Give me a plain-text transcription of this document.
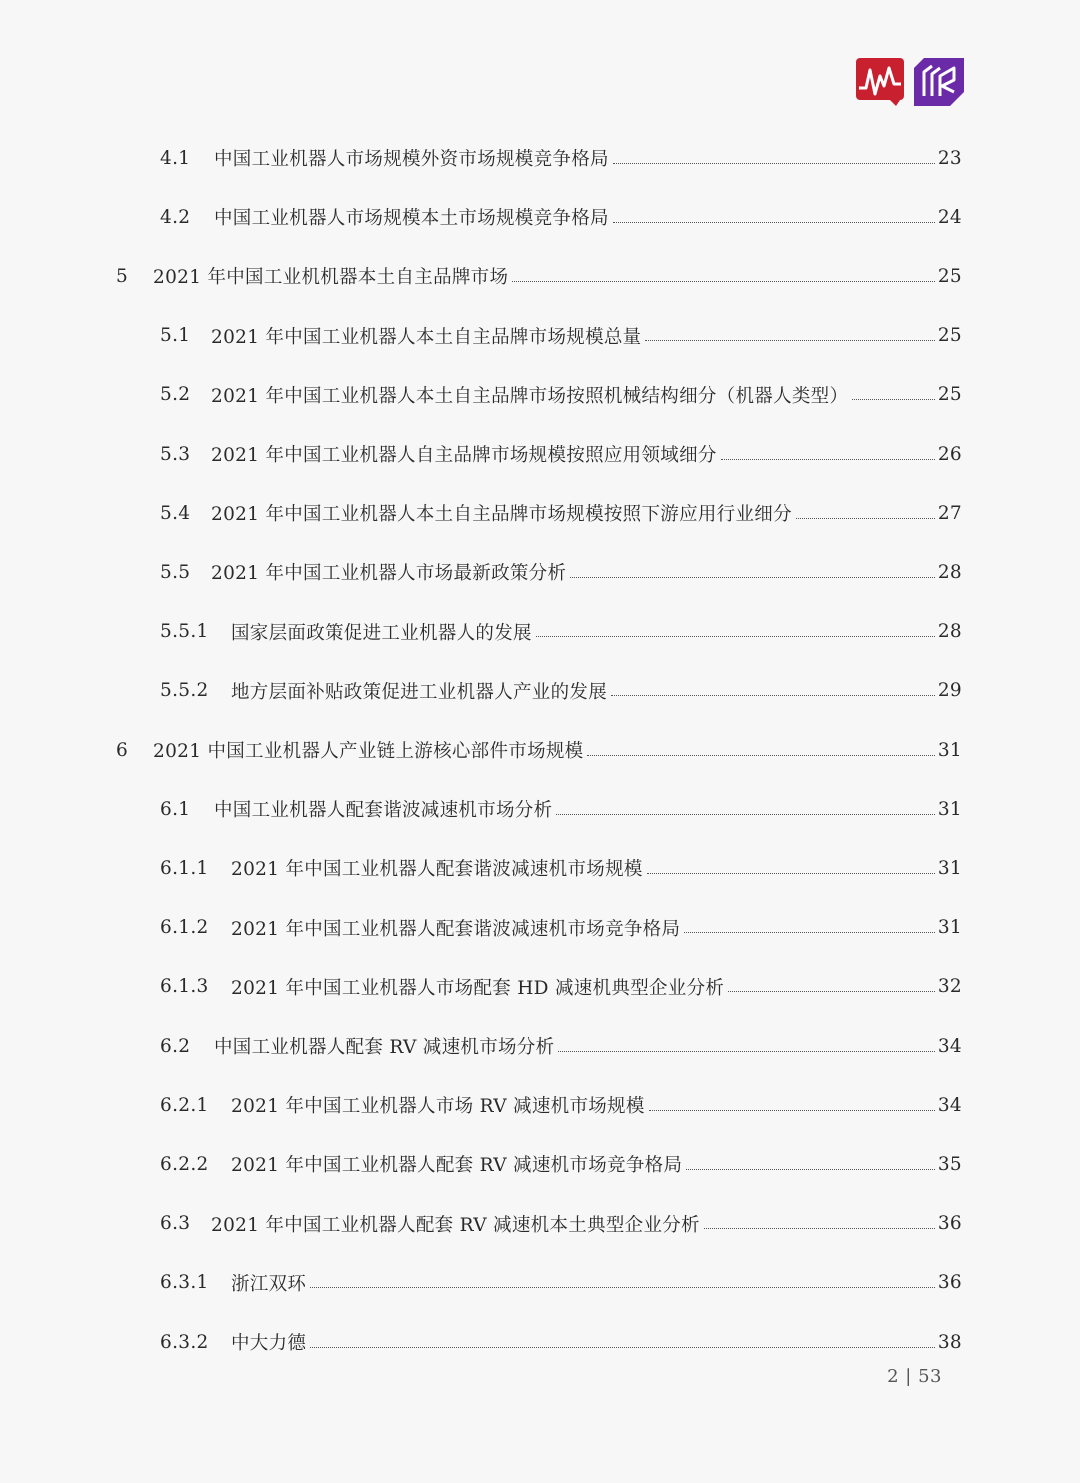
4.1 中国工业机器人市场规模外资市场规模竞争格局	23
4.2 中国工业机器人市场规模本土市场规模竞争格局	24
5 2021 年中国工业机机器本土自主品牌市场	25
5.1 2021 年中国工业机器人本土自主品牌市场规模总量	25
5.2 2021 年中国工业机器人本土自主品牌市场按照机械结构细分（机器人类型）	25
5.3 2021 年中国工业机器人自主品牌市场规模按照应用领域细分	26
5.4 2021 年中国工业机器人本土自主品牌市场规模按照下游应用行业细分	27
5.5 2021 年中国工业机器人市场最新政策分析	28
5.5.1 国家层面政策促进工业机器人的发展	28
5.5.2 地方层面补贴政策促进工业机器人产业的发展	29
6 2021 中国工业机器人产业链上游核心部件市场规模	31
6.1 中国工业机器人配套谐波减速机市场分析	31
6.1.1 2021 年中国工业机器人配套谐波减速机市场规模	31
6.1.2 2021 年中国工业机器人配套谐波减速机市场竞争格局	31
6.1.3 2021 年中国工业机器人市场配套 HD 减速机典型企业分析	32
6.2 中国工业机器人配套 RV 减速机市场分析	34
6.2.1 2021 年中国工业机器人市场 RV 减速机市场规模	34
6.2.2 2021 年中国工业机器人配套 RV 减速机市场竞争格局	35
6.3 2021 年中国工业机器人配套 RV 减速机本土典型企业分析	36
6.3.1 浙江双环	36
6.3.2 中大力德	38
2 | 53
